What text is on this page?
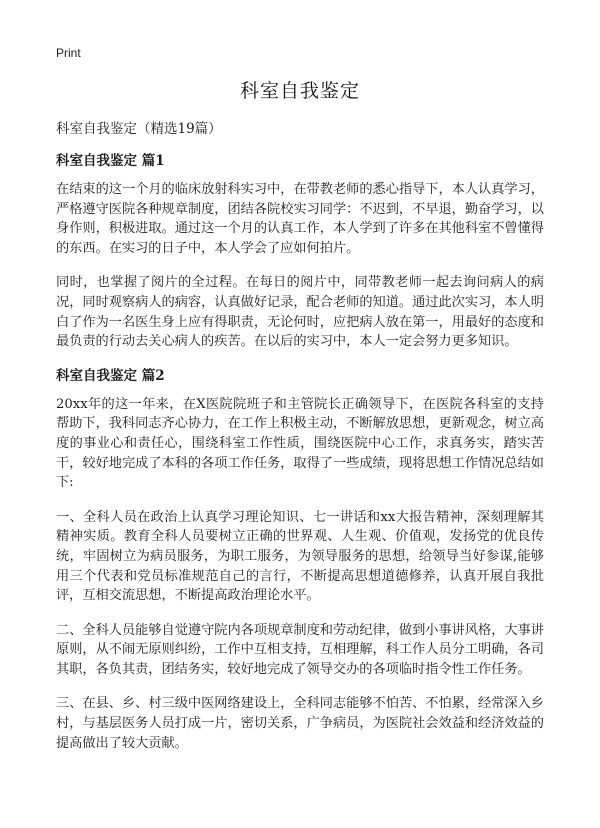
Print
科室自我鉴定
科室自我鉴定（精选19篇）
科室自我鉴定 篇1

在结束的这一个月的临床放射科实习中，在带教老师的悉心指导下，本人认真学习，严格遵守医院各种规章制度，团结各院校实习同学：不迟到，不早退，勤奋学习，以身作则，积极进取。通过这一个月的认真工作，本人学到了许多在其他科室不曾懂得的东西。在实习的日子中，本人学会了应如何拍片。

同时，也掌握了阅片的全过程。在每日的阅片中，同带教老师一起去询问病人的病况，同时观察病人的病容，认真做好记录，配合老师的知道。通过此次实习，本人明白了作为一名医生身上应有得职责，无论何时，应把病人放在第一，用最好的态度和最负责的行动去关心病人的疾苦。在以后的实习中，本人一定会努力更多知识。

科室自我鉴定 篇2

20xx年的这一年来，在X医院院班子和主管院长正确领导下，在医院各科室的支持帮助下，我科同志齐心协力，在工作上积极主动，不断解放思想，更新观念，树立高度的事业心和责任心，围绕科室工作性质，围绕医院中心工作，求真务实，踏实苦干，较好地完成了本科的各项工作任务，取得了一些成绩，现将思想工作情况总结如下:

一、全科人员在政治上认真学习理论知识、七一讲话和xx大报告精神，深刻理解其精神实质。教育全科人员要树立正确的世界观、人生观、价值观，发扬党的优良传统，牢固树立为病员服务，为职工服务，为领导服务的思想，给领导当好参谋,能够用三个代表和党员标准规范自己的言行，不断提高思想道德修养，认真开展自我批评，互相交流思想，不断提高政治理论水平。

二、全科人员能够自觉遵守院内各项规章制度和劳动纪律，做到小事讲风格，大事讲原则，从不闹无原则纠纷，工作中互相支持，互相理解，科工作人员分工明确，各司其职，各负其责，团结务实，较好地完成了领导交办的各项临时指令性工作任务。

三、在县、乡、村三级中医网络建设上，全科同志能够不怕苦、不怕累，经常深入乡村，与基层医务人员打成一片，密切关系，广争病员，为医院社会效益和经济效益的提高做出了较大贡献。
